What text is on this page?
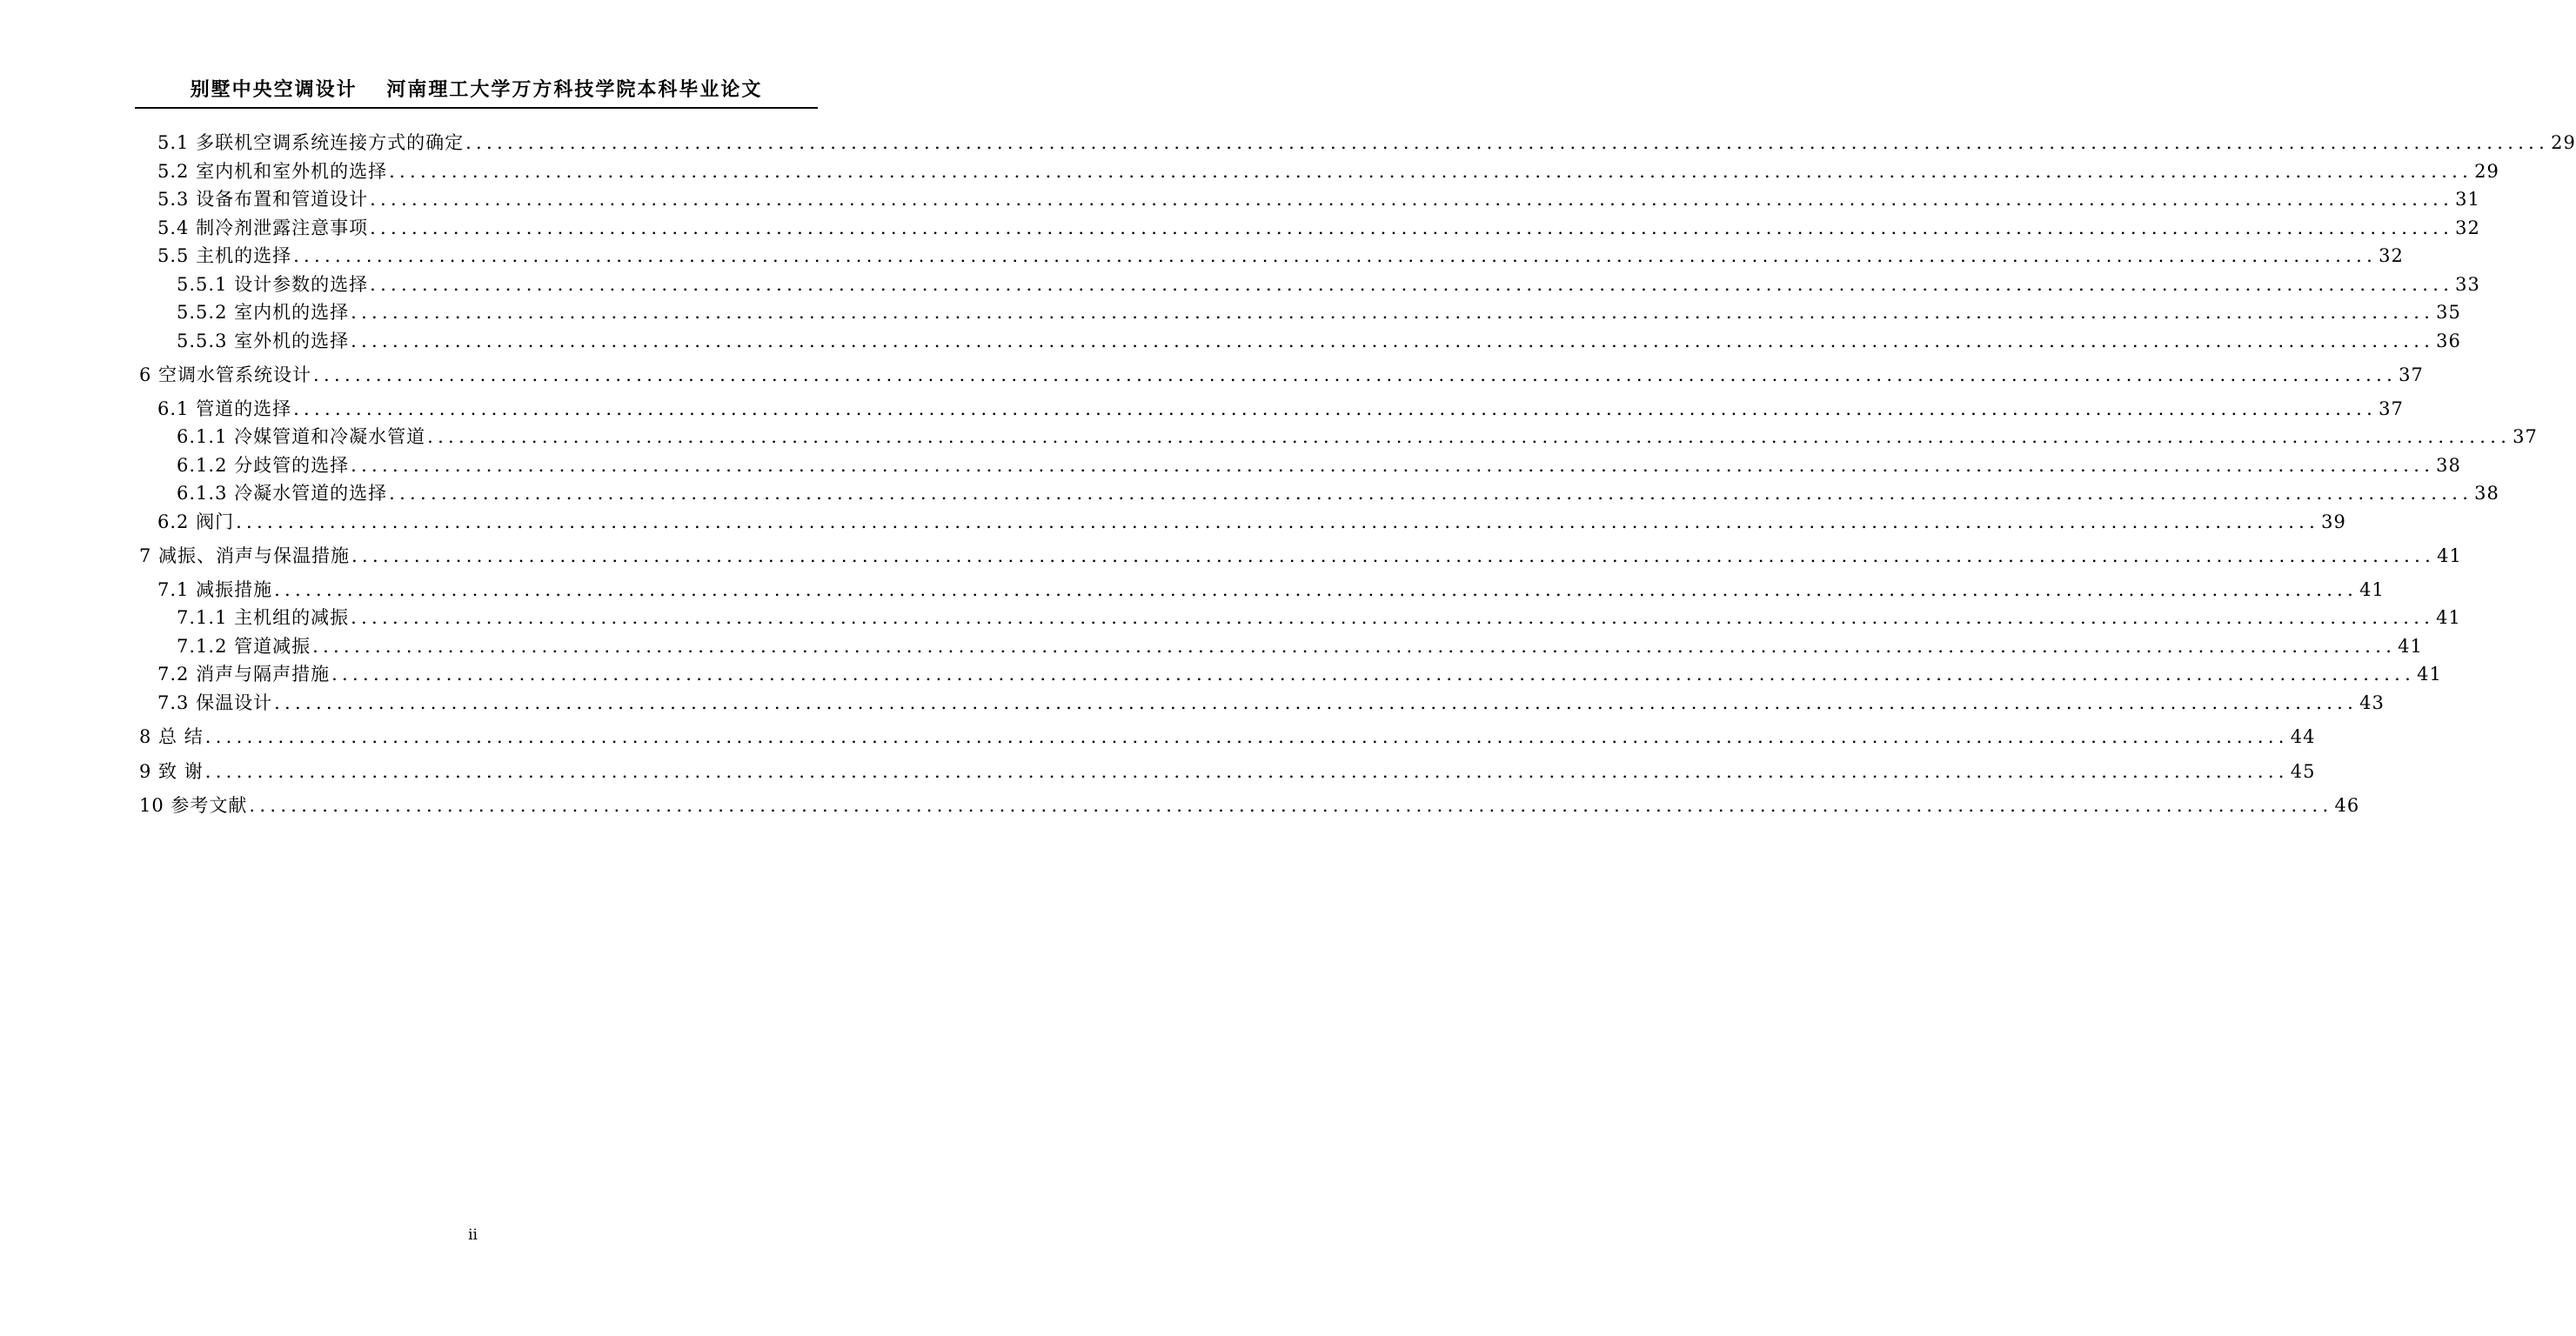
别墅中央空调设计　 河南理工大学万方科技学院本科毕业论文
5.1 多联机空调系统连接方式的确定 ........................................................................................................................................................................................................ 29
5.2 室内机和室外机的选择 ........................................................................................................................................................................................................ 29
5.3 设备布置和管道设计 ........................................................................................................................................................................................................ 31
5.4 制冷剂泄露注意事项 ........................................................................................................................................................................................................ 32
5.5 主机的选择 ........................................................................................................................................................................................................ 32
5.5.1 设计参数的选择 ........................................................................................................................................................................................................ 33
5.5.2 室内机的选择 ........................................................................................................................................................................................................ 35
5.5.3 室外机的选择 ........................................................................................................................................................................................................ 36
6 空调水管系统设计 ........................................................................................................................................................................................................ 37
6.1 管道的选择 ........................................................................................................................................................................................................ 37
6.1.1 冷媒管道和冷凝水管道 ........................................................................................................................................................................................................ 37
6.1.2 分歧管的选择 ........................................................................................................................................................................................................ 38
6.1.3 冷凝水管道的选择 ........................................................................................................................................................................................................ 38
6.2 阀门 ........................................................................................................................................................................................................ 39
7 减振、消声与保温措施 ........................................................................................................................................................................................................ 41
7.1 减振措施 ........................................................................................................................................................................................................ 41
7.1.1 主机组的减振 ........................................................................................................................................................................................................ 41
7.1.2 管道减振 ........................................................................................................................................................................................................ 41
7.2 消声与隔声措施 ........................................................................................................................................................................................................ 41
7.3 保温设计 ........................................................................................................................................................................................................ 43
8 总 结 ........................................................................................................................................................................................................ 44
9 致 谢 ........................................................................................................................................................................................................ 45
10 参考文献 ........................................................................................................................................................................................................ 46
ii
